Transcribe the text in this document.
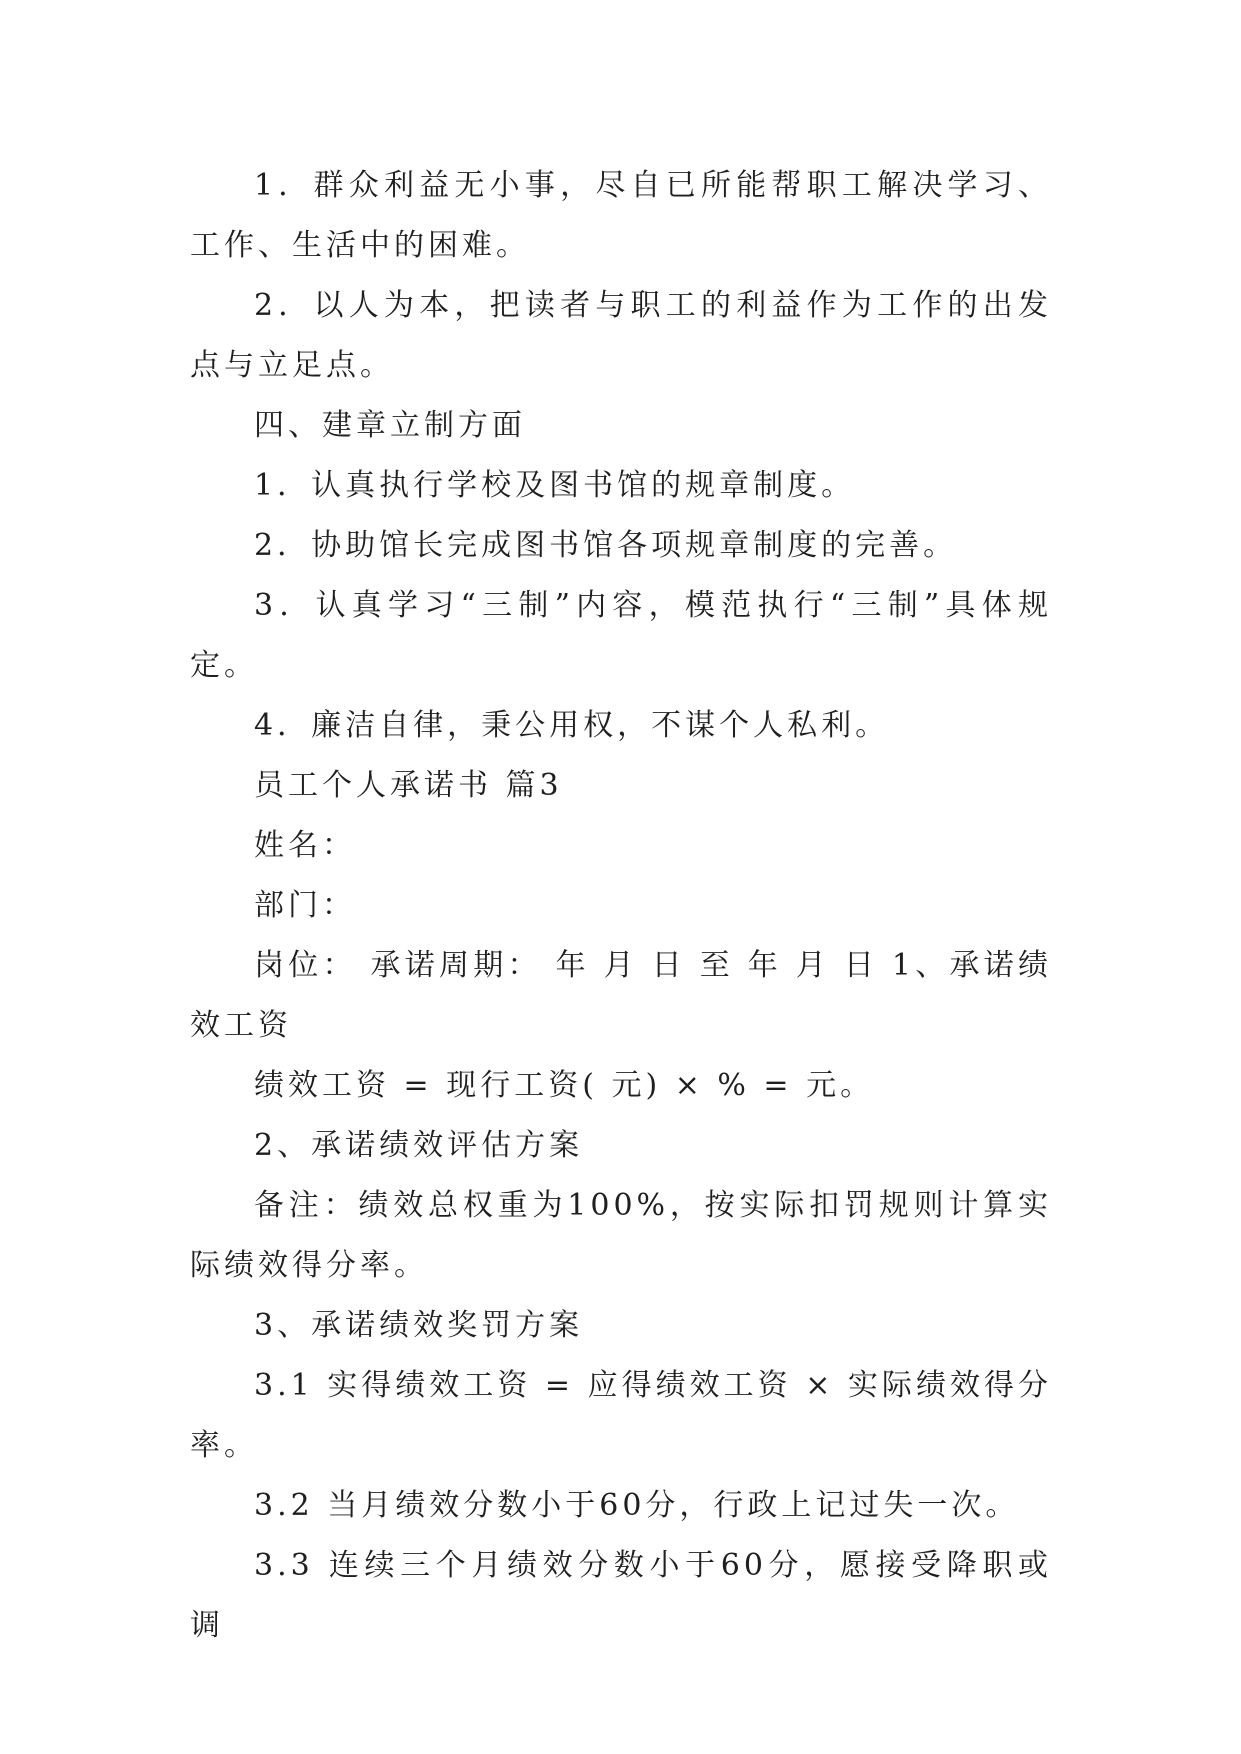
1．群众利益无小事，尽自已所能帮职工解决学习、工作、生活中的困难。

2．以人为本，把读者与职工的利益作为工作的出发点与立足点。

四、建章立制方面

1．认真执行学校及图书馆的规章制度。

2．协助馆长完成图书馆各项规章制度的完善。

3．认真学习“三制”内容，模范执行“三制”具体规定。

4．廉洁自律，秉公用权，不谋个人私利。

员工个人承诺书 篇3

姓名：

部门：

岗位： 承诺周期： 年 月 日 至 年 月 日 1、承诺绩效工资

绩效工资 = 现行工资( 元) × % = 元。

2、承诺绩效评估方案

备注：绩效总权重为100%，按实际扣罚规则计算实际绩效得分率。

3、承诺绩效奖罚方案

3.1 实得绩效工资 = 应得绩效工资 × 实际绩效得分率。

3.2 当月绩效分数小于60分，行政上记过失一次。

3.3 连续三个月绩效分数小于60分，愿接受降职或调
